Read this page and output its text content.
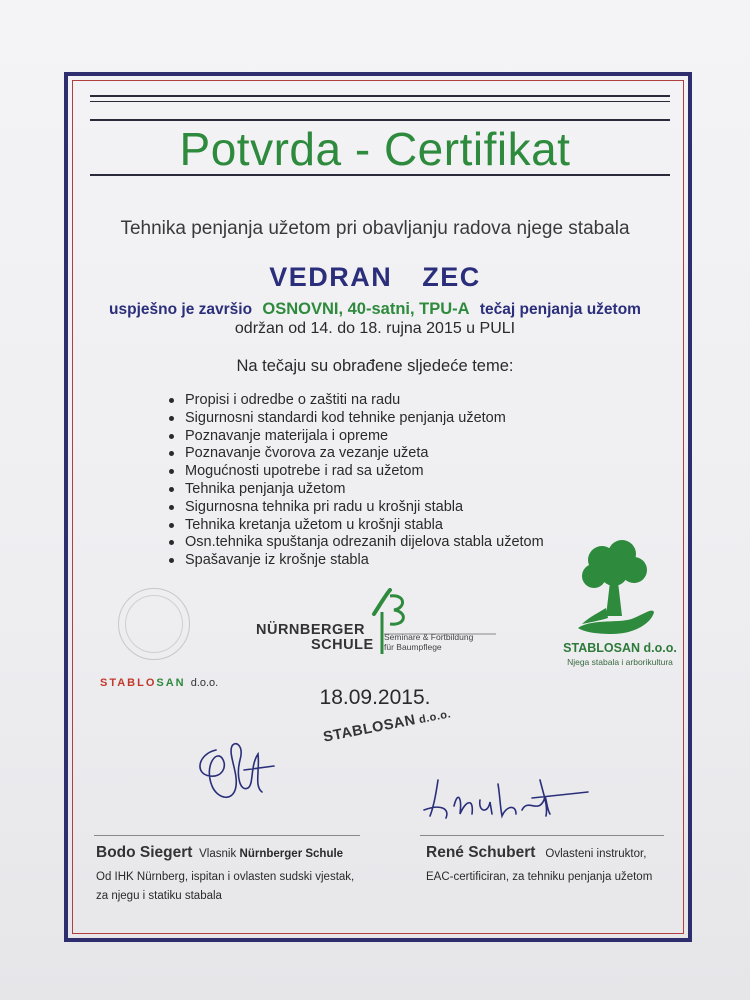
Potvrda - Certifikat
Tehnika penjanja užetom pri obavljanju radova njege stabala
VEDRAN  ZEC
uspješno je završio OSNOVNI, 40-satni, TPU-A tečaj penjanja užetom
održan od 14. do 18. rujna 2015 u PULI
Na tečaju su obrađene sljedeće teme:
Propisi i odredbe o zaštiti na radu
Sigurnosni standardi kod tehnike penjanja užetom
Poznavanje materijala i opreme
Poznavanje čvorova za vezanje užeta
Mogućnosti upotrebe i rad sa užetom
Tehnika penjanja užetom
Sigurnosna tehnika pri radu u krošnji stabla
Tehnika kretanja užetom u krošnji stabla
Osn.tehnika spuštanja odrezanih dijelova stabla užetom
Spašavanje iz krošnje stabla
STABLOSAN d.o.o.
NÜRNBERGER
SCHULE Seminare & Fortbildung
für Baumpflege	STABLOSAN d.o.o.
Njega stabala i arborikultura
18.09.2015.
STABLOSAN d.o.o.
Bodo Siegert Vlasnik Nürnberger Schule
Od IHK Nürnberg, ispitan i ovlasten sudski vjestak,
za njegu i statiku stabala
René Schubert Ovlasteni instruktor,
EAC-certificiran, za tehniku penjanja užetom
